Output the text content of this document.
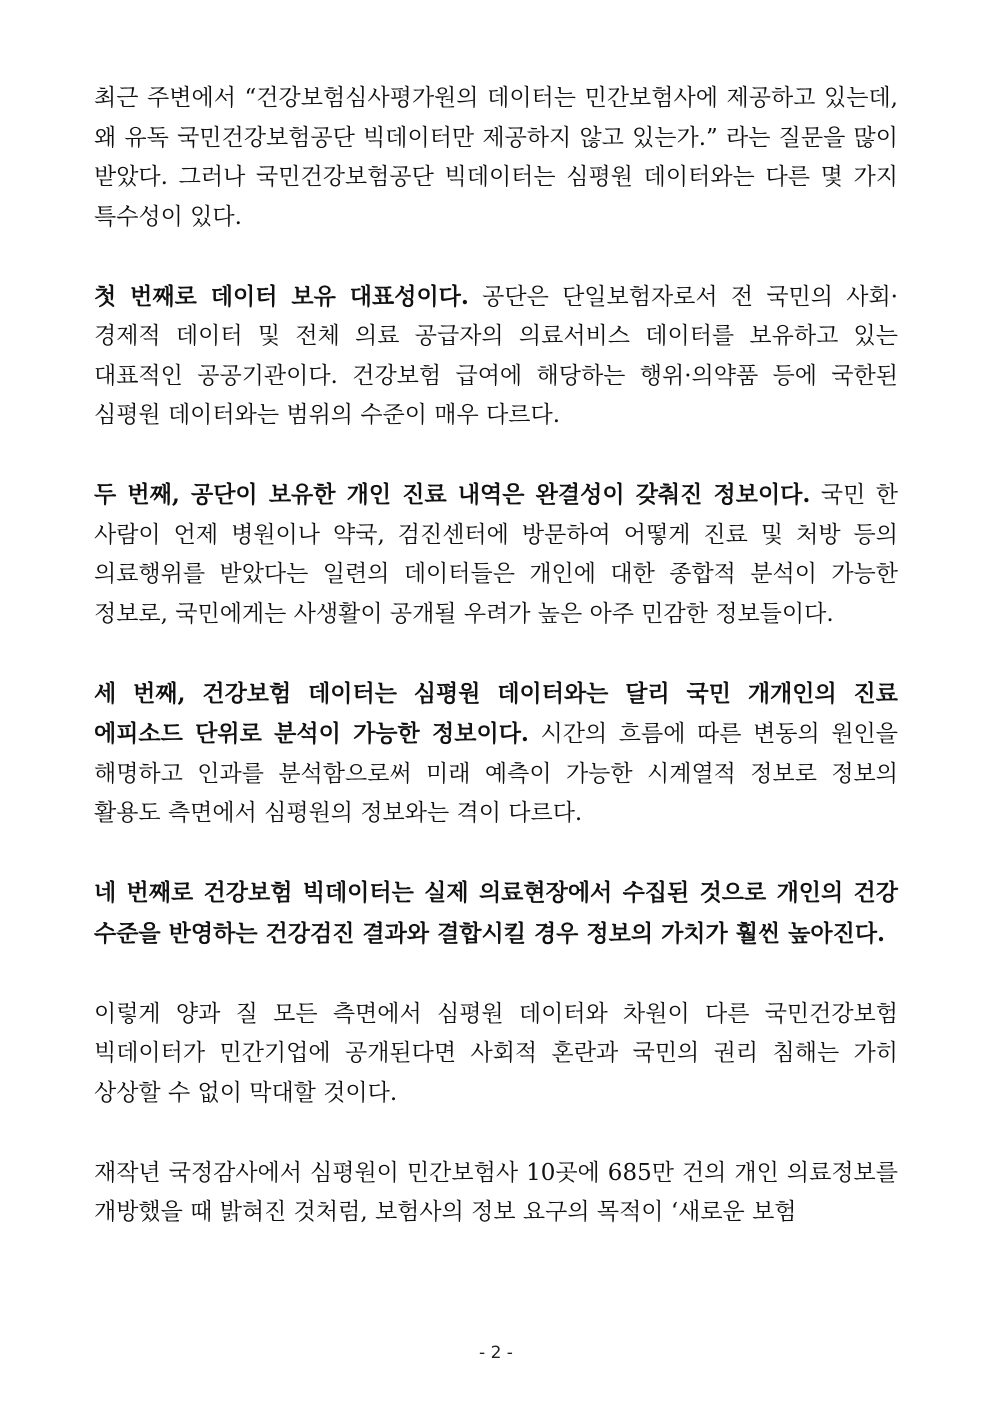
최근 주변에서 “건강보험심사평가원의 데이터는 민간보험사에 제공하고 있는데, 왜 유독 국민건강보험공단 빅데이터만 제공하지 않고 있는가.” 라는 질문을 많이 받았다. 그러나 국민건강보험공단 빅데이터는 심평원 데이터와는 다른 몇 가지 특수성이 있다.

첫 번째로 데이터 보유 대표성이다. 공단은 단일보험자로서 전 국민의 사회·경제적 데이터 및 전체 의료 공급자의 의료서비스 데이터를 보유하고 있는 대표적인 공공기관이다. 건강보험 급여에 해당하는 행위·의약품 등에 국한된 심평원 데이터와는 범위의 수준이 매우 다르다.

두 번째, 공단이 보유한 개인 진료 내역은 완결성이 갖춰진 정보이다. 국민 한 사람이 언제 병원이나 약국, 검진센터에 방문하여 어떻게 진료 및 처방 등의 의료행위를 받았다는 일련의 데이터들은 개인에 대한 종합적 분석이 가능한 정보로, 국민에게는 사생활이 공개될 우려가 높은 아주 민감한 정보들이다.

세 번째, 건강보험 데이터는 심평원 데이터와는 달리 국민 개개인의 진료 에피소드 단위로 분석이 가능한 정보이다. 시간의 흐름에 따른 변동의 원인을 해명하고 인과를 분석함으로써 미래 예측이 가능한 시계열적 정보로 정보의 활용도 측면에서 심평원의 정보와는 격이 다르다.

네 번째로 건강보험 빅데이터는 실제 의료현장에서 수집된 것으로 개인의 건강 수준을 반영하는 건강검진 결과와 결합시킬 경우 정보의 가치가 훨씬 높아진다.

이렇게 양과 질 모든 측면에서 심평원 데이터와 차원이 다른 국민건강보험 빅데이터가 민간기업에 공개된다면 사회적 혼란과 국민의 권리 침해는 가히 상상할 수 없이 막대할 것이다.

재작년 국정감사에서 심평원이 민간보험사 10곳에 685만 건의 개인 의료정보를 개방했을 때 밝혀진 것처럼, 보험사의 정보 요구의 목적이 ‘새로운 보험

- 2 -
